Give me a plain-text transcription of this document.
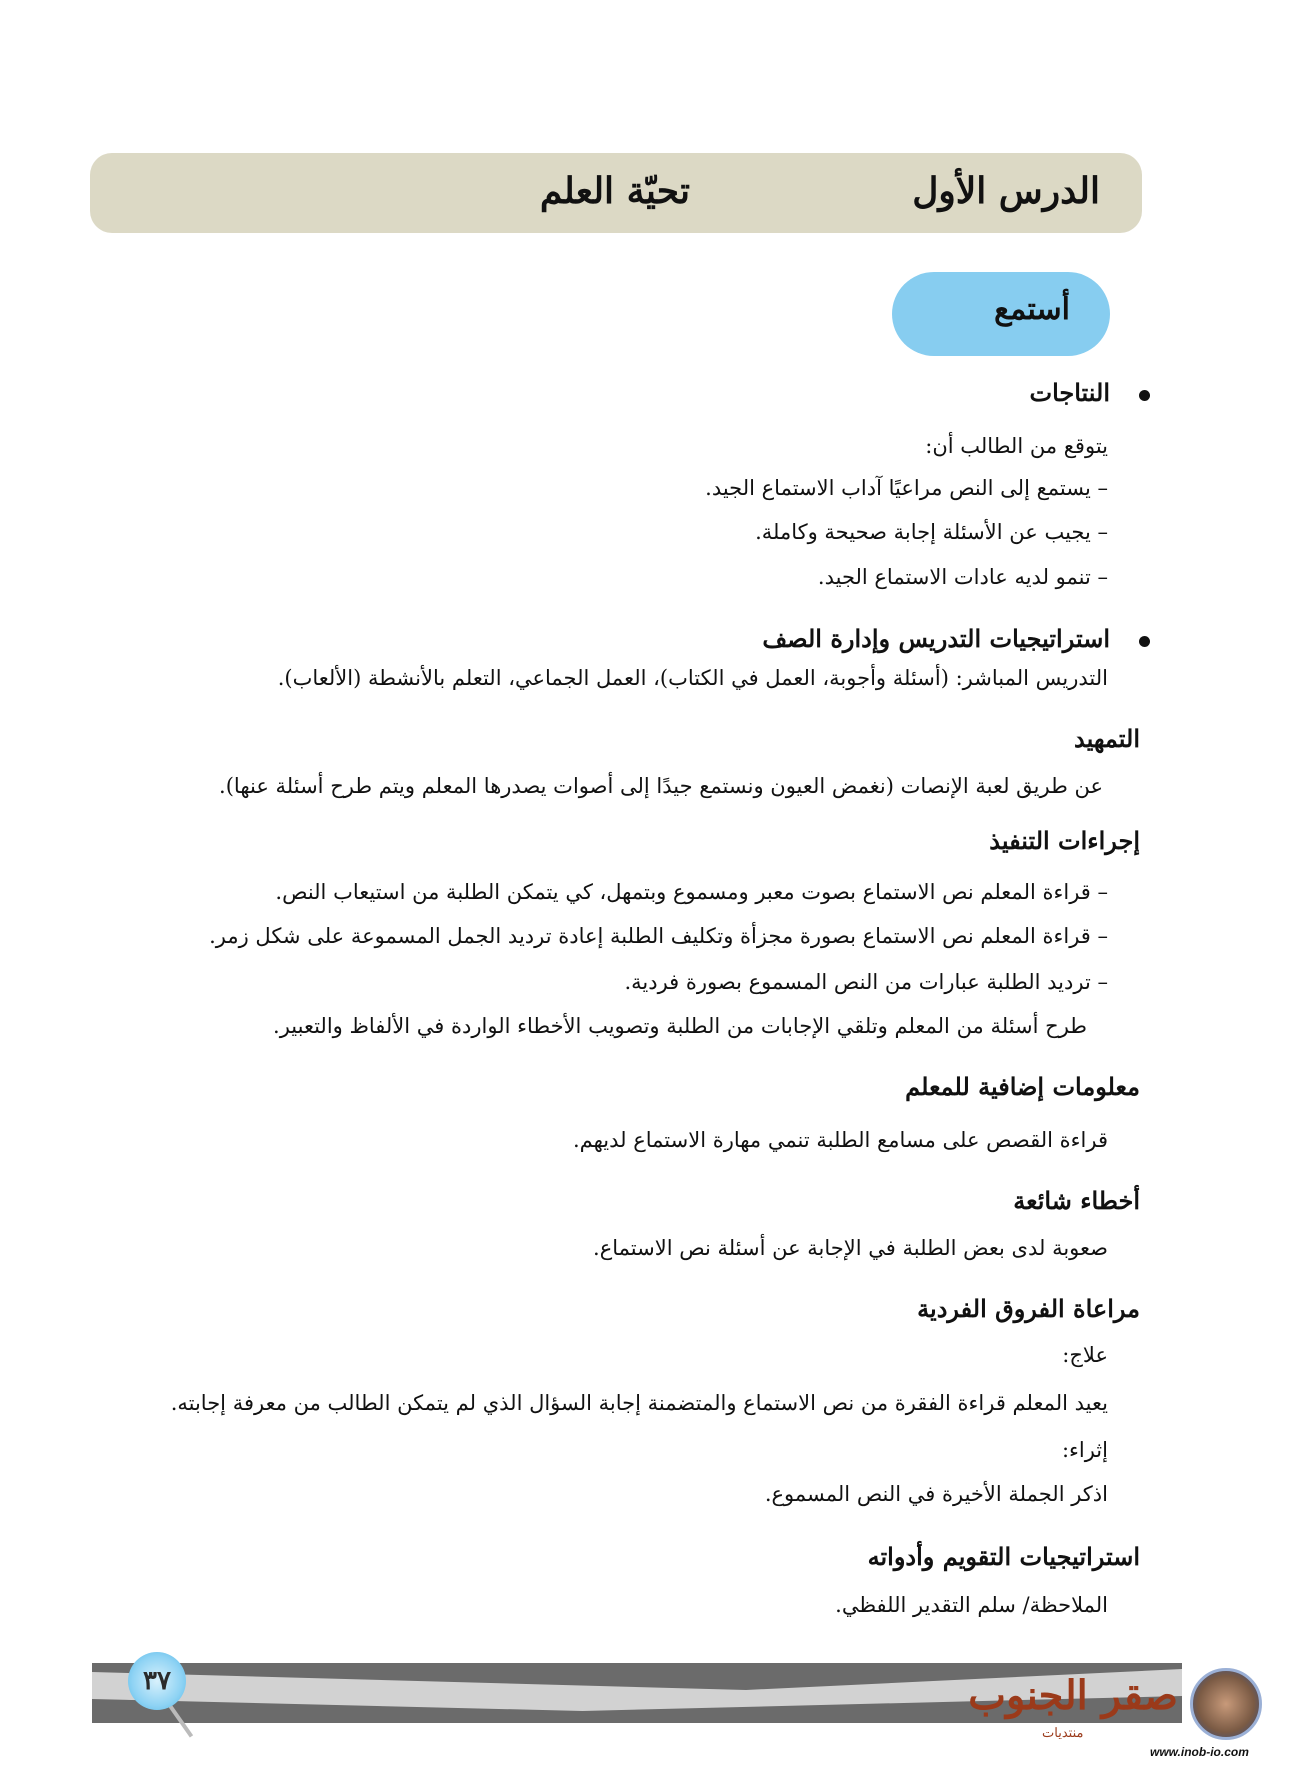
الدرس الأول
تحيّة العلم
أستمع
النتاجات
يتوقع من الطالب أن:
– يستمع إلى النص مراعيًا آداب الاستماع الجيد.
– يجيب عن الأسئلة إجابة صحيحة وكاملة.
– تنمو لديه عادات الاستماع الجيد.
استراتيجيات التدريس وإدارة الصف
التدريس المباشر: (أسئلة وأجوبة، العمل في الكتاب)، العمل الجماعي، التعلم بالأنشطة (الألعاب).
التمهيد
عن طريق لعبة الإنصات (نغمض العيون ونستمع جيدًا إلى أصوات يصدرها المعلم ويتم طرح أسئلة عنها).
إجراءات التنفيذ
– قراءة المعلم نص الاستماع بصوت معبر ومسموع وبتمهل، كي يتمكن الطلبة من استيعاب النص.
– قراءة المعلم نص الاستماع بصورة مجزأة وتكليف الطلبة إعادة ترديد الجمل المسموعة على شكل زمر.
– ترديد الطلبة عبارات من النص المسموع بصورة فردية.
طرح أسئلة من المعلم وتلقي الإجابات من الطلبة وتصويب الأخطاء الواردة في الألفاظ والتعبير.
معلومات إضافية للمعلم
قراءة القصص على مسامع الطلبة تنمي مهارة الاستماع لديهم.
أخطاء شائعة
صعوبة لدى بعض الطلبة في الإجابة عن أسئلة نص الاستماع.
مراعاة الفروق الفردية
علاج:
يعيد المعلم قراءة الفقرة من نص الاستماع والمتضمنة إجابة السؤال الذي لم يتمكن الطالب من معرفة إجابته.
إثراء:
اذكر الجملة الأخيرة في النص المسموع.
استراتيجيات التقويم وأدواته
الملاحظة/ سلم التقدير اللفظي.
٣٧	صقر الجنوب
منتديات
www.inob-io.com
